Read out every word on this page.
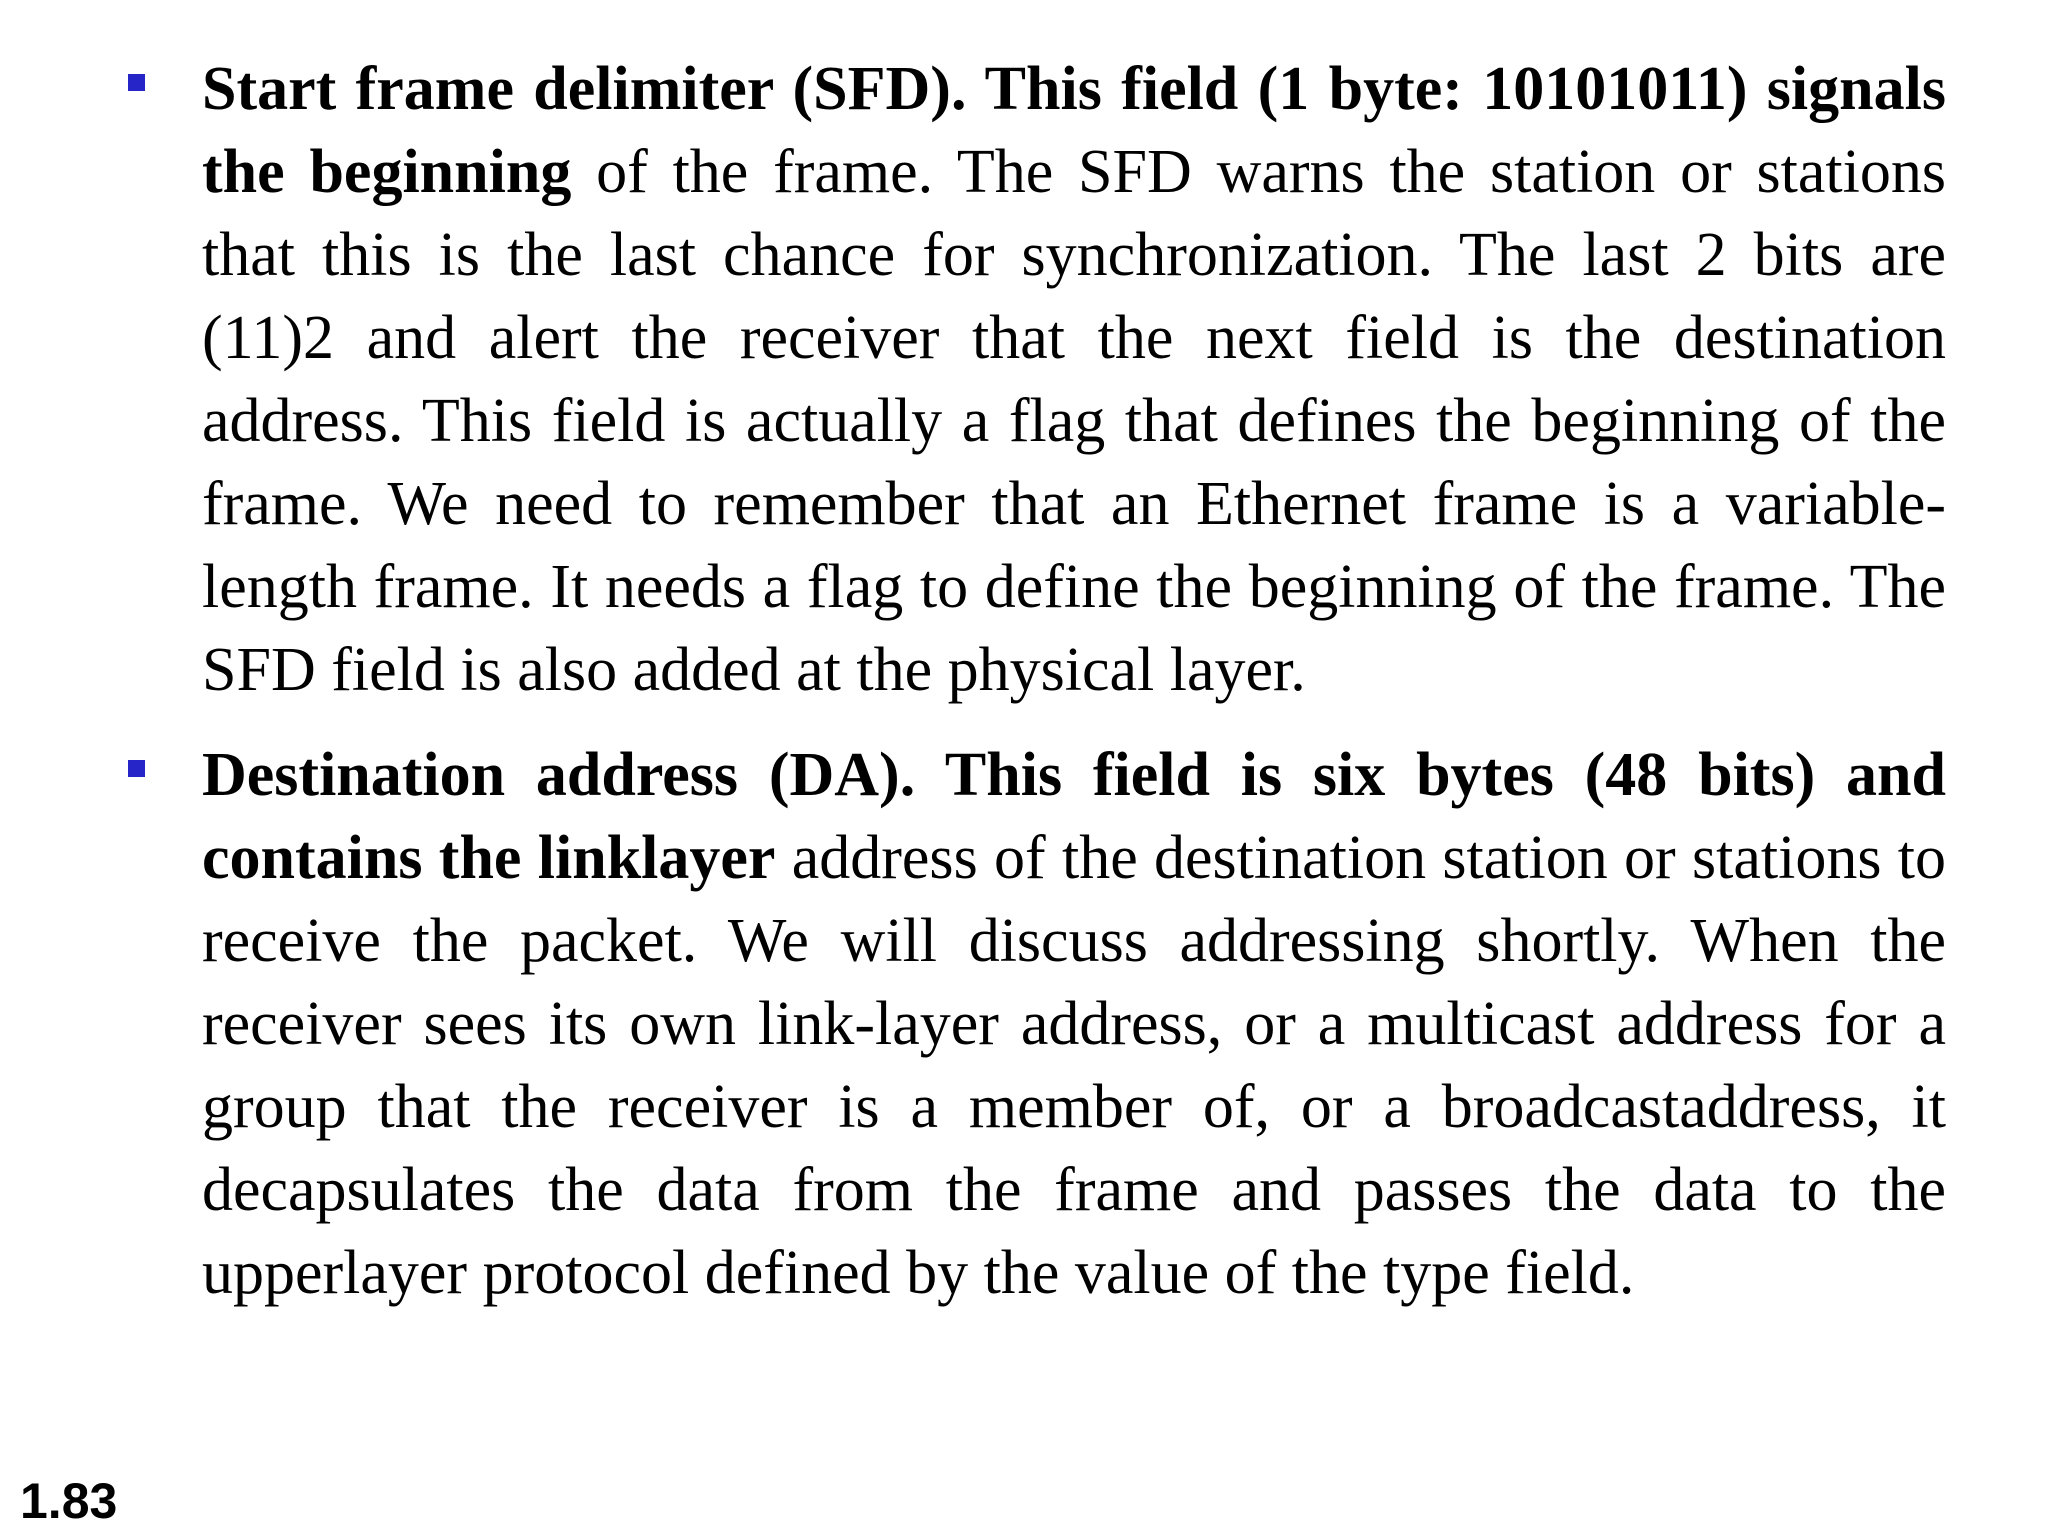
Start frame delimiter (SFD). This field (1 byte: 10101011) signals the beginning of the frame. The SFD warns the station or stations that this is the last chance for synchronization. The last 2 bits are (11)2 and alert the receiver that the next field is the destination address. This field is actually a flag that defines the beginning of the frame. We need to remember that an Ethernet frame is a variable-length frame. It needs a flag to define the beginning of the frame. The SFD field is also added at the physical layer.

Destination address (DA). This field is six bytes (48 bits) and contains the linklayer address of the destination station or stations to receive the packet. We will discuss addressing shortly. When the receiver sees its own link-layer address, or a multicast address for a group that the receiver is a member of, or a broadcastaddress, it decapsulates the data from the frame and passes the data to the upperlayer protocol defined by the value of the type field.

1.83
